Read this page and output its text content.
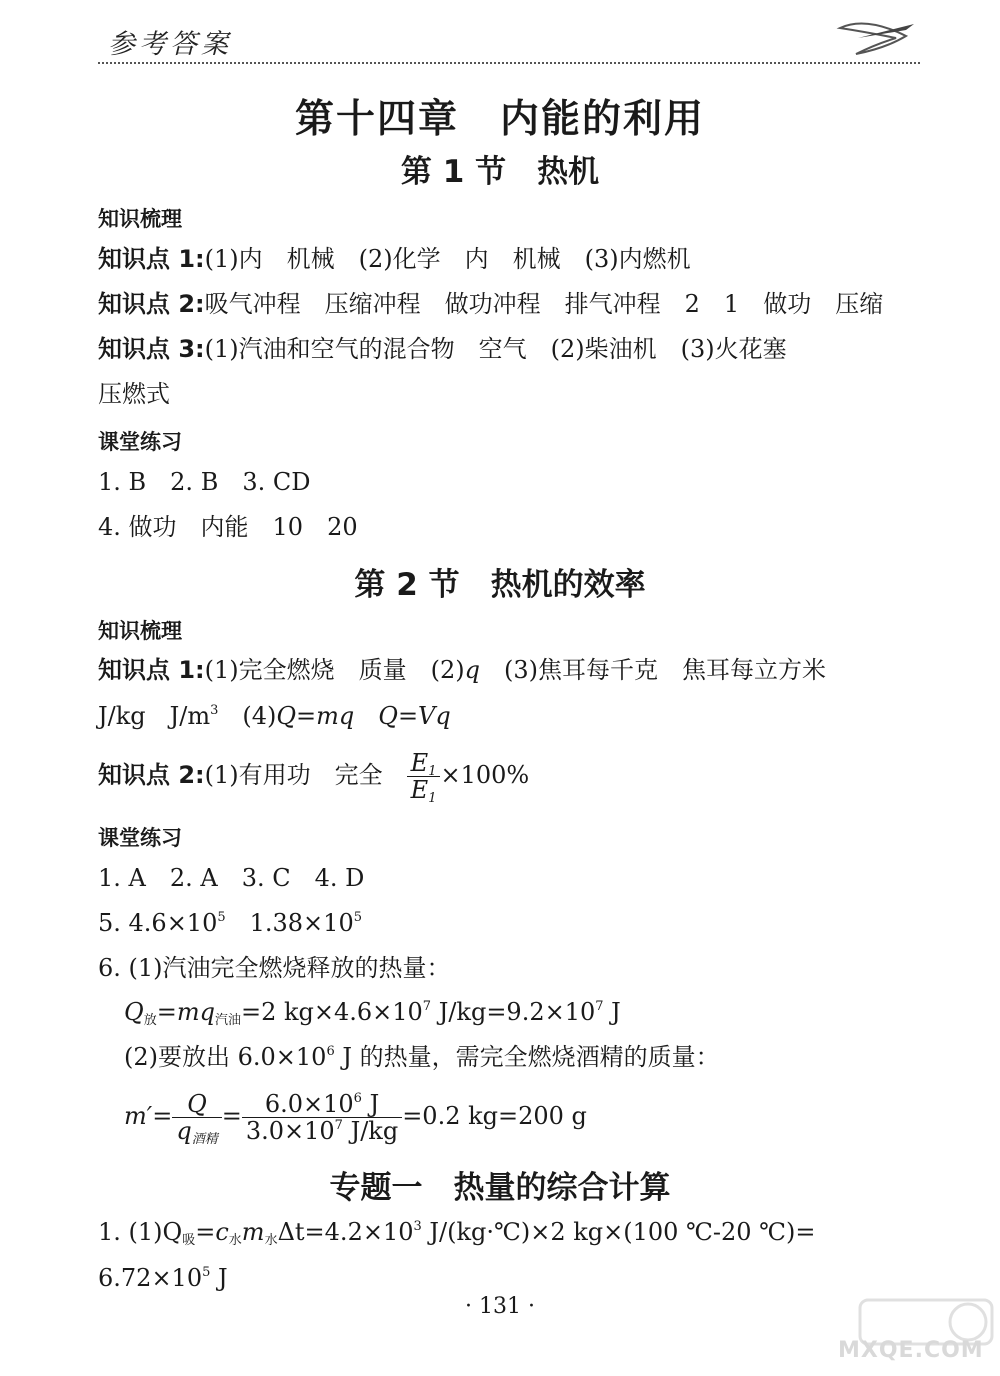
参考答案
第十四章　内能的利用
第 1 节　热机
知识梳理
知识点 1:(1)内　机械　(2)化学　内　机械　(3)内燃机
知识点 2:吸气冲程　压缩冲程　做功冲程　排气冲程　2　1　做功　压缩
知识点 3:(1)汽油和空气的混合物　空气　(2)柴油机　(3)火花塞
压燃式
课堂练习
1. B　2. B　3. CD
4. 做功　内能　10　20
第 2 节　热机的效率
知识梳理
知识点 1:(1)完全燃烧　质量　(2)q　(3)焦耳每千克　焦耳每立方米
J/kg　$J/m^3$　(4)Q=mq　 Q=Vq
知识点 2:(1)有用功　完全　 $\frac{E_1}{E_1} \times 100\%$
课堂练习
1. A　2. A　3. C　4. D
5. $4.6\times 10^5$　$1.38\times 10^5$
6. (1)汽油完全燃烧释放的热量：
$Q_放=mq_{汽油}=2$ $kg\times 4.6\times 10^7$ $J/kg=9.2\times 10^7$ J
(2)要放出 $6.0\times 10^6$ J 的热量，需完全燃烧酒精的质量：
$m'= \frac{Q}{q_{酒精}} = \frac{6.0\times 10^6 J}{3.0\times 10^7 J/kg} =0.2$ kg=200 g
专题一　热量的综合计算
1. $(1)Q_吸=c_水m_水\Delta t=4.2\times 10^3$ J/(kg·℃)×2 kg×(100 ℃-20 ℃)=
$6.72\times 10^5$ J
· 131 ·
MXQE.COM
